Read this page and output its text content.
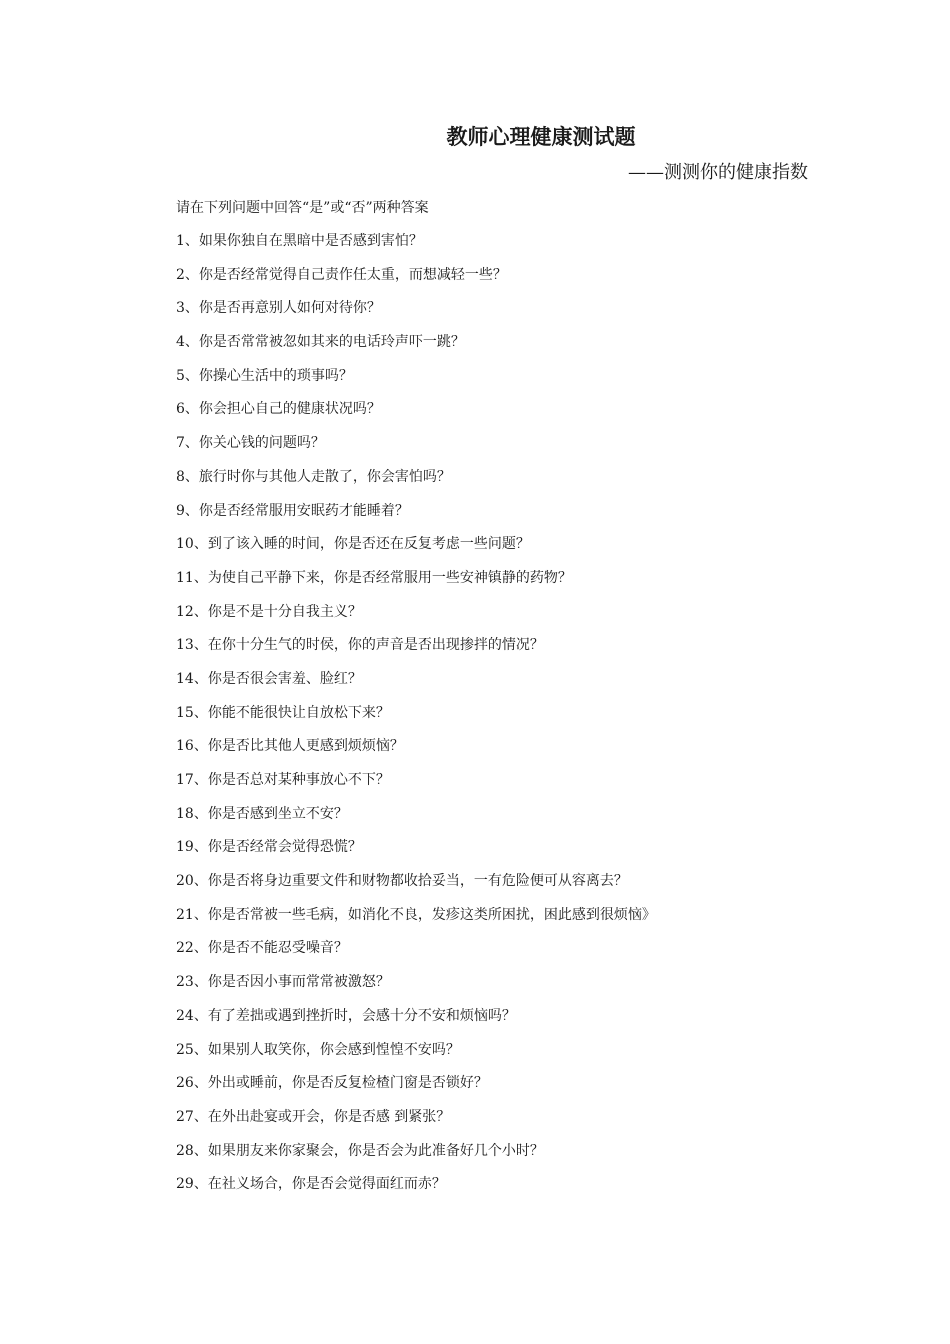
教师心理健康测试题

——测测你的健康指数

请在下列问题中回答“是”或“否”两种答案

1、如果你独自在黑暗中是否感到害怕？
2、你是否经常觉得自己责作任太重，而想减轻一些？
3、你是否再意别人如何对待你？
4、你是否常常被忽如其来的电话玲声吓一跳？
5、你操心生活中的琐事吗？
6、你会担心自己的健康状况吗？
7、你关心钱的问题吗？
8、旅行时你与其他人走散了，你会害怕吗？
9、你是否经常服用安眠药才能睡着？
10、到了该入睡的时间，你是否还在反复考虑一些问题？
11、为使自己平静下来，你是否经常服用一些安神镇静的药物？
12、你是不是十分自我主义？
13、在你十分生气的时侯，你的声音是否出现掺拌的情况？
14、你是否很会害羞、脸红？
15、你能不能很快让自放松下来？
16、你是否比其他人更感到烦烦恼？
17、你是否总对某种事放心不下？
18、你是否感到坐立不安？
19、你是否经常会觉得恐慌？
20、你是否将身边重要文件和财物都收拾妥当，一有危险便可从容离去？
21、你是否常被一些毛病，如消化不良，发疹这类所困扰，困此感到很烦恼》
22、你是否不能忍受噪音？
23、你是否因小事而常常被激怒？
24、有了差拙或遇到挫折时，会感十分不安和烦恼吗？
25、如果别人取笑你，你会感到惶惶不安吗？
26、外出或睡前，你是否反复检楂门窗是否锁好？
27、在外出赴宴或开会，你是否感 到紧张？
28、如果朋友来你家聚会，你是否会为此准备好几个小时？
29、在社义场合，你是否会觉得面红而赤？
